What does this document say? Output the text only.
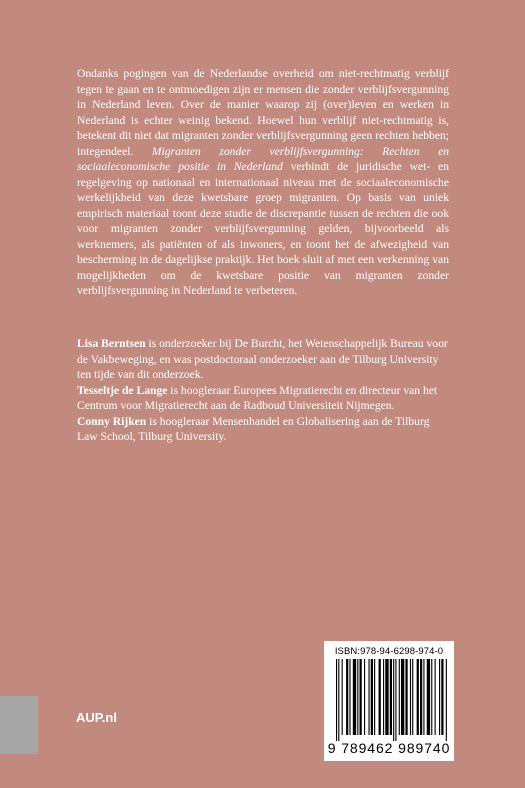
Ondanks pogingen van de Nederlandse overheid om niet-rechtmatig verblijf tegen te gaan en te ontmoedigen zijn er mensen die zonder verblijfsvergunning in Nederland leven. Over de manier waarop zij (over)leven en werken in Nederland is echter weinig bekend. Hoewel hun verblijf niet-rechtmatig is, betekent dit niet dat migranten zonder verblijfsvergunning geen rechten hebben; integendeel. Migranten zonder verblijfsvergunning: Rechten en sociaaleconomische positie in Nederland verbindt de juridische wet- en regelgeving op nationaal en internationaal niveau met de sociaaleconomische werkelijkheid van deze kwetsbare groep migranten. Op basis van uniek empirisch materiaal toont deze studie de discrepantie tussen de rechten die ook voor migranten zonder verblijfsvergunning gelden, bijvoorbeeld als werknemers, als patiënten of als inwoners, en toont het de afwezigheid van bescherming in de dagelijkse praktijk. Het boek sluit af met een verkenning van mogelijkheden om de kwetsbare positie van migranten zonder verblijfsvergunning in Nederland te verbeteren.

Lisa Berntsen is onderzoeker bij De Burcht, het Wetenschappelijk Bureau voor de Vakbeweging, en was postdoctoraal onderzoeker aan de Tilburg University ten tijde van dit onderzoek.

Tesseltje de Lange is hoogleraar Europees Migratierecht en directeur van het Centrum voor Migratierecht aan de Radboud Universiteit Nijmegen.

Conny Rijken is hoogleraar Mensenhandel en Globalisering aan de Tilburg Law School, Tilburg University.

AUP.nl
ISBN:978-94-6298-974-0
9 789462 989740
